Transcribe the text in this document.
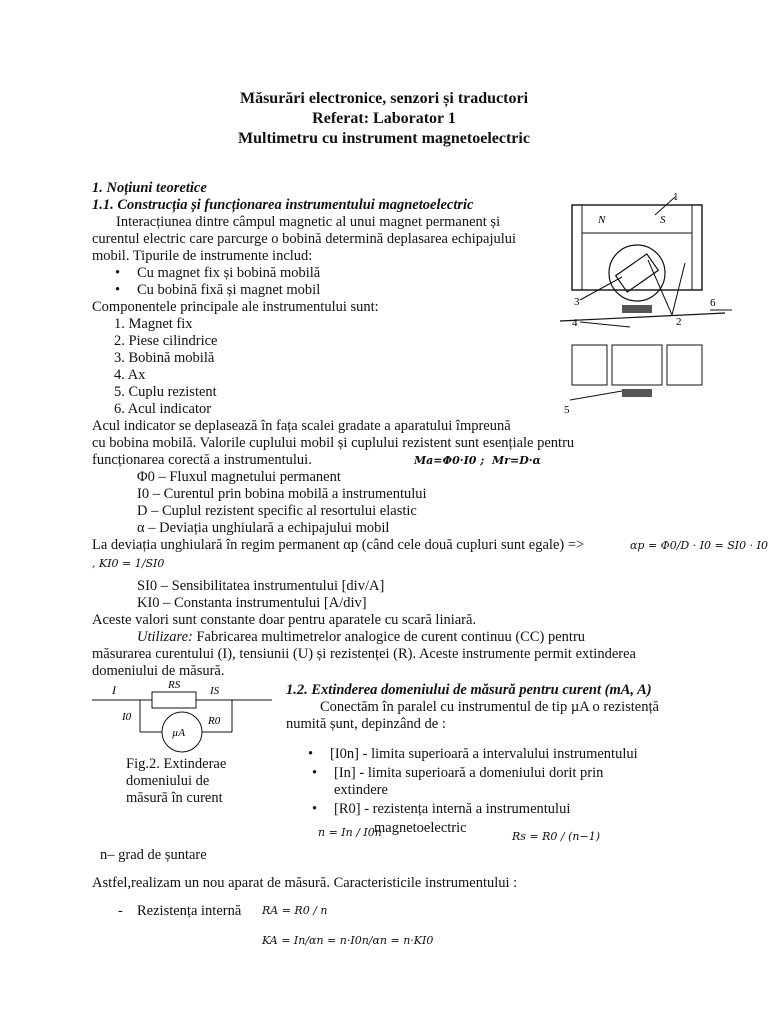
Măsurări electronice, senzori și traductori
Referat: Laborator 1
Multimetru cu instrument magnetoelectric
1. Noțiuni teoretice
1.1. Construcția și funcționarea instrumentului magnetoelectric
Interacțiunea dintre câmpul magnetic al unui magnet permanent și
curentul electric care parcurge o bobină determină deplasarea echipajului
mobil. Tipurile de instrumente includ:
• Cu magnet fix și bobină mobilă
• Cu bobină fixă și magnet mobil
Componentele principale ale instrumentului sunt:
1. Magnet fix
2. Piese cilindrice
3. Bobină mobilă
4. Ax
5. Cuplu rezistent
6. Acul indicator
Acul indicator se deplasează în fața scalei gradate a aparatului împreună
cu bobina mobilă. Valorile cuplului mobil și cuplului rezistent sunt esențiale pentru
funcționarea corectă a instrumentului.	Ma=Φ0·I0 ; Mr=D·α
Φ0 – Fluxul magnetului permanent
I0 – Curentul prin bobina mobilă a instrumentului
D – Cuplul rezistent specific al resortului elastic
α – Deviația unghiulară a echipajului mobil
La deviația unghiulară în regim permanent αp (când cele două cupluri sunt egale) =>	αp = Φ0/D · I0 = SI0 · I0
, KI0 = 1/SI0
SI0 – Sensibilitatea instrumentului [div/A]
KI0 – Constanta instrumentului [A/div]
Aceste valori sunt constante doar pentru aparatele cu scară liniară.
Utilizare: Fabricarea multimetrelor analogice de curent continuu (CC) pentru
măsurarea curentului (I), tensiunii (U) și rezistenței (R). Aceste instrumente permit extinderea
domeniului de măsură.
1
2
3
4
5
6
N	S
I	RS	IS
I0	R0
µA
Fig.2. Extinderae
domeniului de
măsură în curent
1.2. Extinderea domeniului de măsură pentru curent (mA, A)
Conectăm în paralel cu instrumentul de tip µA o rezistență
numită șunt, depinzând de :
• [I0n] - limita superioară a intervalului instrumentului
• [In] - limita superioară a domeniului dorit prin
extindere
• [R0] - rezistența internă a instrumentului
magnetoelectric
n = In / I0n	Rs = R0 / (n−1)
n– grad de șuntare
Astfel,realizam un nou aparat de măsură. Caracteristicile instrumentului :
- Rezistența internă RA = R0 / n
KA = In/αn = n·I0n/αn = n·KI0
